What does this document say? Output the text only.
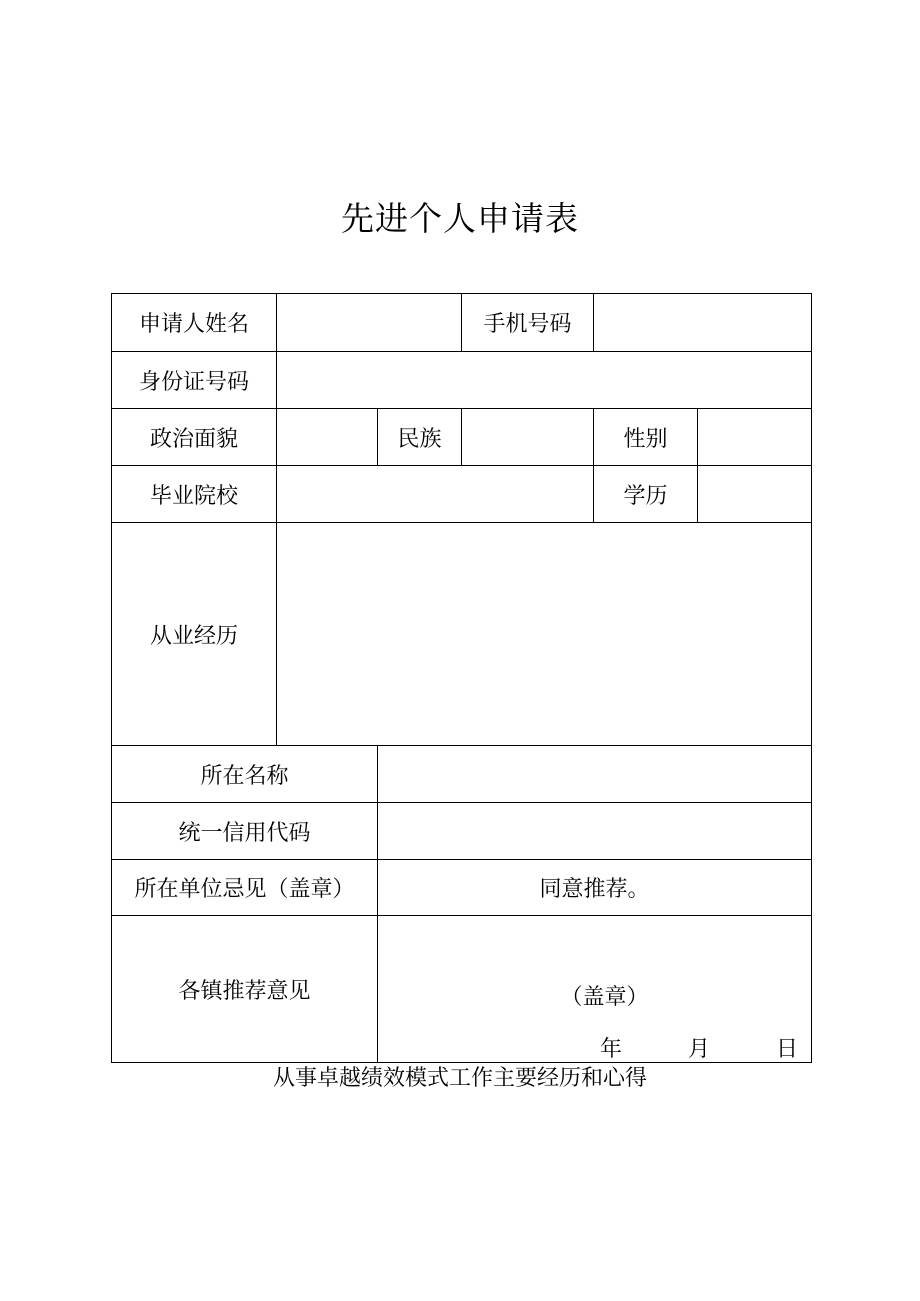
先进个人申请表
申请人姓名			手机号码		
身份证号码					
政治面貌		民族		性别	
毕业院校				学历	
从业经历					
所在名称					
统一信用代码					
所在单位忌见（盖章）		同意推荐。			
各镇推荐意见		（盖章）
年 月 日			
从事卓越绩效模式工作主要经历和心得
